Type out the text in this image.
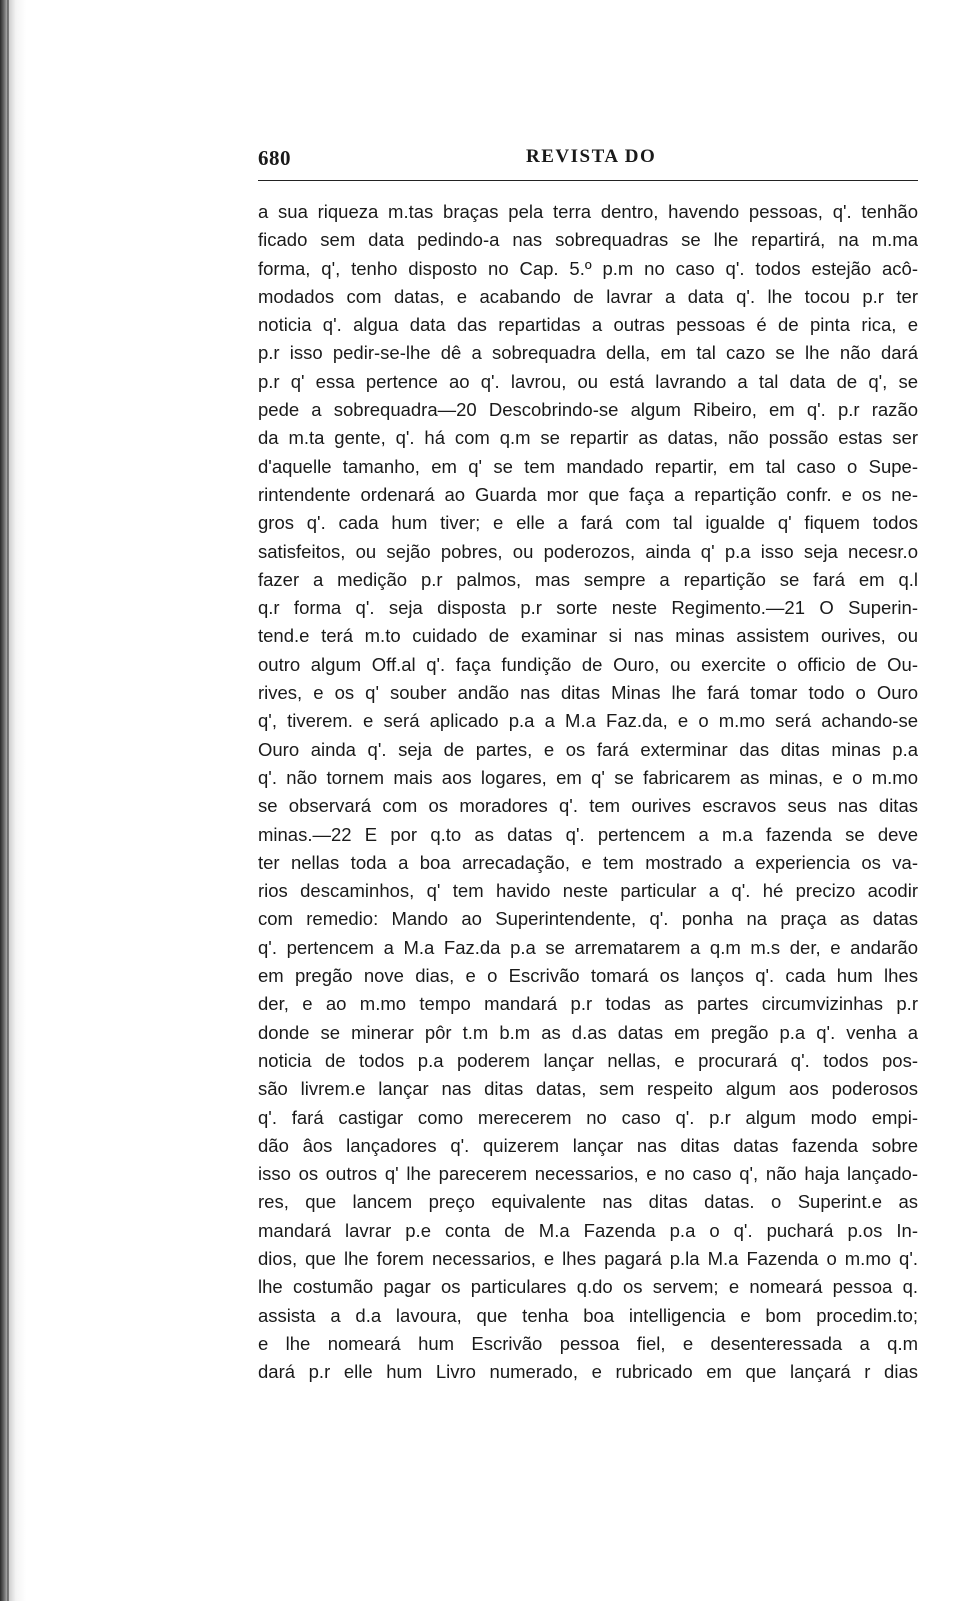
680	REVISTA DO
a sua riqueza m.tas braças pela terra dentro, havendo pessoas, q'. tenhão
ficado sem data pedindo-a nas sobrequadras se lhe repartirá, na m.ma
forma, q', tenho disposto no Cap. 5.º p.m no caso q'. todos estejão acô-
modados com datas, e acabando de lavrar a data q'. lhe tocou p.r ter
noticia q'. algua data das repartidas a outras pessoas é de pinta rica, e
p.r isso pedir-se-lhe dê a sobrequadra della, em tal cazo se lhe não dará
p.r q' essa pertence ao q'. lavrou, ou está lavrando a tal data de q', se
pede a sobrequadra—20 Descobrindo-se algum Ribeiro, em q'. p.r razão
da m.ta gente, q'. há com q.m se repartir as datas, não possão estas ser
d'aquelle tamanho, em q' se tem mandado repartir, em tal caso o Supe-
rintendente ordenará ao Guarda mor que faça a repartição confr. e os ne-
gros q'. cada hum tiver; e elle a fará com tal igualde q' fiquem todos
satisfeitos, ou sejão pobres, ou poderozos, ainda q' p.a isso seja necesr.o
fazer a medição p.r palmos, mas sempre a repartição se fará em q.l
q.r forma q'. seja disposta p.r sorte neste Regimento.—21 O Superin-
tend.e terá m.to cuidado de examinar si nas minas assistem ourives, ou
outro algum Off.al q'. faça fundição de Ouro, ou exercite o officio de Ou-
rives, e os q' souber andão nas ditas Minas lhe fará tomar todo o Ouro
q', tiverem. e será aplicado p.a a M.a Faz.da, e o m.mo será achando-se
Ouro ainda q'. seja de partes, e os fará exterminar das ditas minas p.a
q'. não tornem mais aos logares, em q' se fabricarem as minas, e o m.mo
se observará com os moradores q'. tem ourives escravos seus nas ditas
minas.—22 E por q.to as datas q'. pertencem a m.a fazenda se deve
ter nellas toda a boa arrecadação, e tem mostrado a experiencia os va-
rios descaminhos, q' tem havido neste particular a q'. hé precizo acodir
com remedio: Mando ao Superintendente, q'. ponha na praça as datas
q'. pertencem a M.a Faz.da p.a se arrematarem a q.m m.s der, e andarão
em pregão nove dias, e o Escrivão tomará os lanços q'. cada hum lhes
der, e ao m.mo tempo mandará p.r todas as partes circumvizinhas p.r
donde se minerar pôr t.m b.m as d.as datas em pregão p.a q'. venha a
noticia de todos p.a poderem lançar nellas, e procurará q'. todos pos-
são livrem.e lançar nas ditas datas, sem respeito algum aos poderosos
q'. fará castigar como merecerem no caso q'. p.r algum modo empi-
dão âos lançadores q'. quizerem lançar nas ditas datas fazenda sobre
isso os outros q' lhe parecerem necessarios, e no caso q', não haja lançado-
res, que lancem preço equivalente nas ditas datas. o Superint.e as
mandará lavrar p.e conta de M.a Fazenda p.a o q'. puchará p.os In-
dios, que lhe forem necessarios, e lhes pagará p.la M.a Fazenda o m.mo q'.
lhe costumão pagar os particulares q.do os servem; e nomeará pessoa q.
assista a d.a lavoura, que tenha boa intelligencia e bom procedim.to;
e lhe nomeará hum Escrivão pessoa fiel, e desenteressada a q.m
dará p.r elle hum Livro numerado, e rubricado em que lançará r dias
